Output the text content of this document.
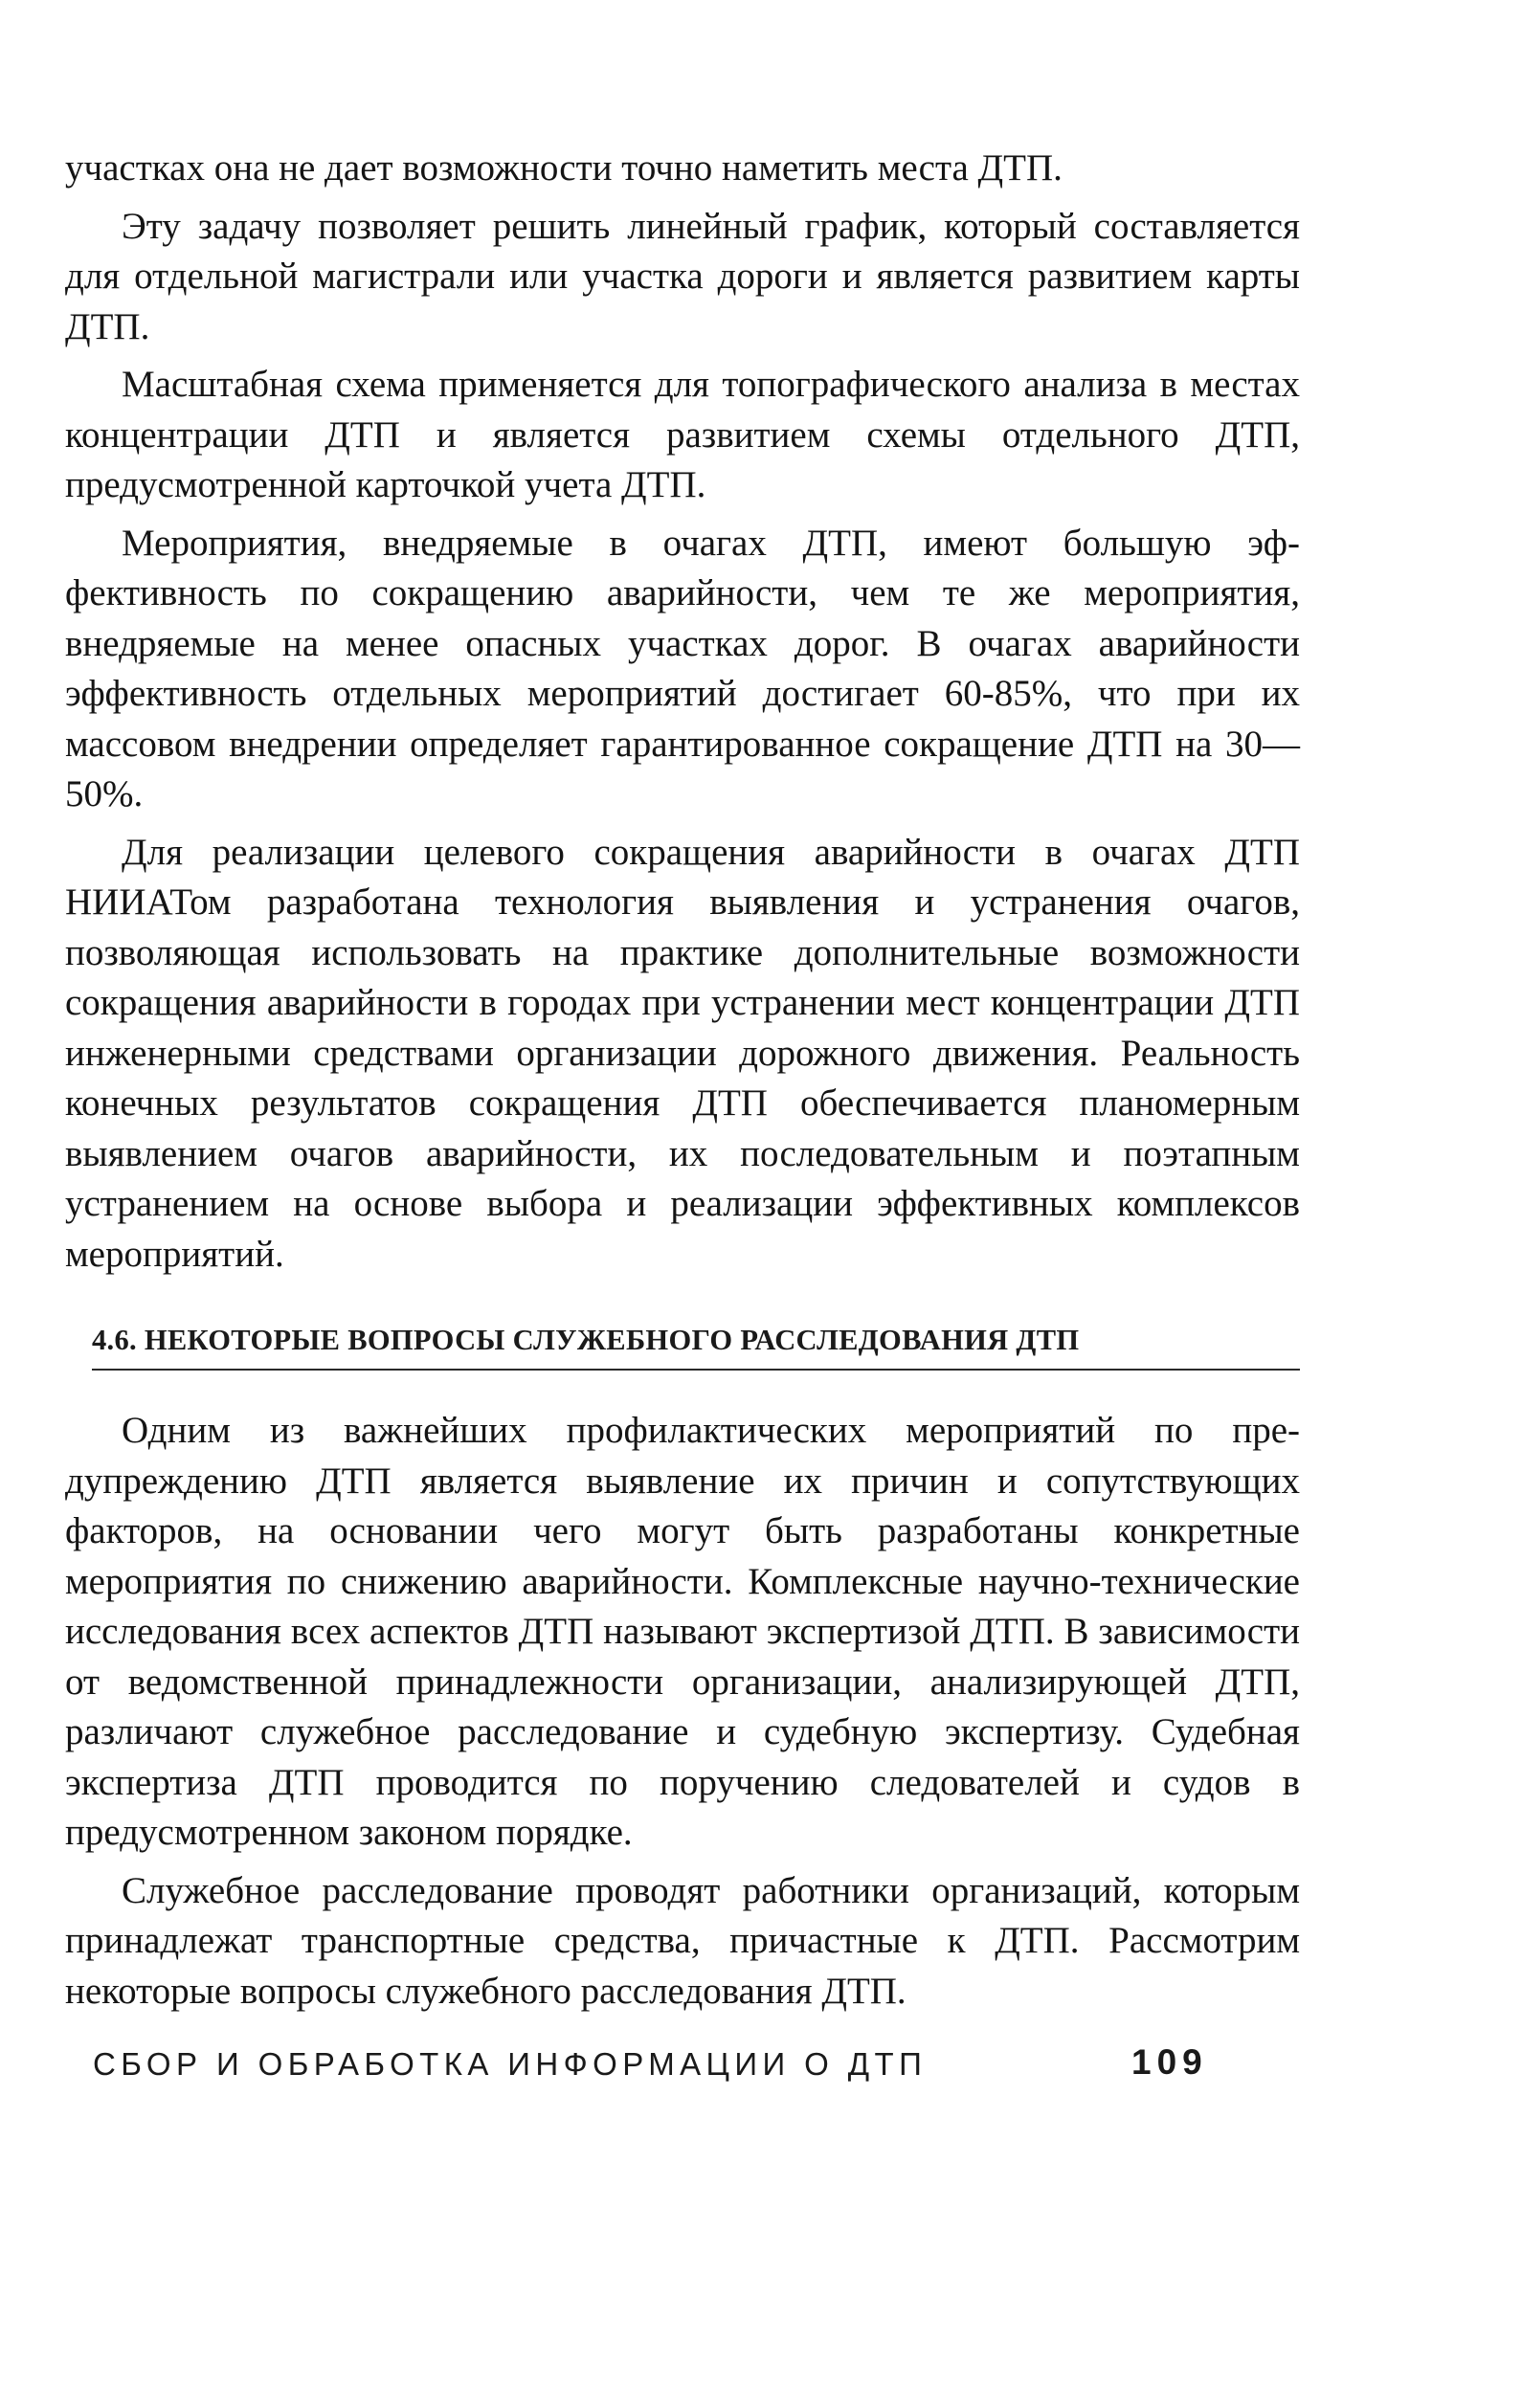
участках она не дает возможности точно наметить места ДТП.

Эту задачу позволяет решить линейный график, который составляется для отдельной магистрали или участка дороги и является развитием карты ДТП.

Масштабная схема применяется для топографического анализа в местах концентрации ДТП и является развитием схемы отдельного ДТП, предусмотренной карточкой учета ДТП.

Мероприятия, внедряемые в очагах ДТП, имеют большую эффективность по сокращению аварийности, чем те же мероприятия, внедряемые на менее опасных участках дорог. В очагах аварийности эффективность отдельных мероприятий достигает 60-85%, что при их массовом внедрении определяет гарантированное сокращение ДТП на 30—50%.

Для реализации целевого сокращения аварийности в очагах ДТП НИИАТом разработана технология выявления и устранения очагов, позволяющая использовать на практике дополнительные возможности сокращения аварийности в городах при устранении мест концентрации ДТП инженерными средствами организации дорожного движения. Реальность конечных результатов сокращения ДТП обеспечивается планомерным выявлением очагов аварийности, их последовательным и поэтапным устранением на основе выбора и реализации эффективных комплексов мероприятий.

4.6. НЕКОТОРЫЕ ВОПРОСЫ СЛУЖЕБНОГО РАССЛЕДОВАНИЯ ДТП

Одним из важнейших профилактических мероприятий по предупреждению ДТП является выявление их причин и сопутствующих факторов, на основании чего могут быть разработаны конкретные мероприятия по снижению аварийности. Комплексные научно-технические исследования всех аспектов ДТП называют экспертизой ДТП. В зависимости от ведомственной принадлежности организации, анализирующей ДТП, различают служебное расследование и судебную экспертизу. Судебная экспертиза ДТП проводится по поручению следователей и судов в предусмотренном законом порядке.

Служебное расследование проводят работники организаций, которым принадлежат транспортные средства, причастные к ДТП. Рассмотрим некоторые вопросы служебного расследования ДТП.

СБОР И ОБРАБОТКА ИНФОРМАЦИИ О ДТП	109
